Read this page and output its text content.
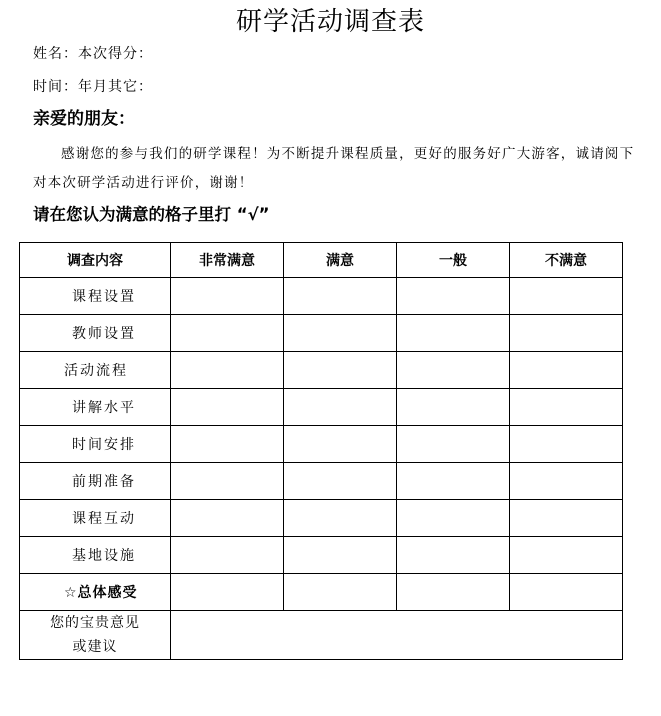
研学活动调查表
姓名：本次得分：
时间：年月其它：
亲爱的朋友：
感谢您的参与我们的研学课程！为不断提升课程质量，更好的服务好广大游客，诚请阅下对本次研学活动进行评价，谢谢！
请在您认为满意的格子里打 “√”
调查内容	非常满意	满意	一般	不满意
课程设置				
教师设置				
活动流程				
讲解水平				
时间安排				
前期准备				
课程互动				
基地设施				
☆总体感受				

您的宝贵意见
或建议				
